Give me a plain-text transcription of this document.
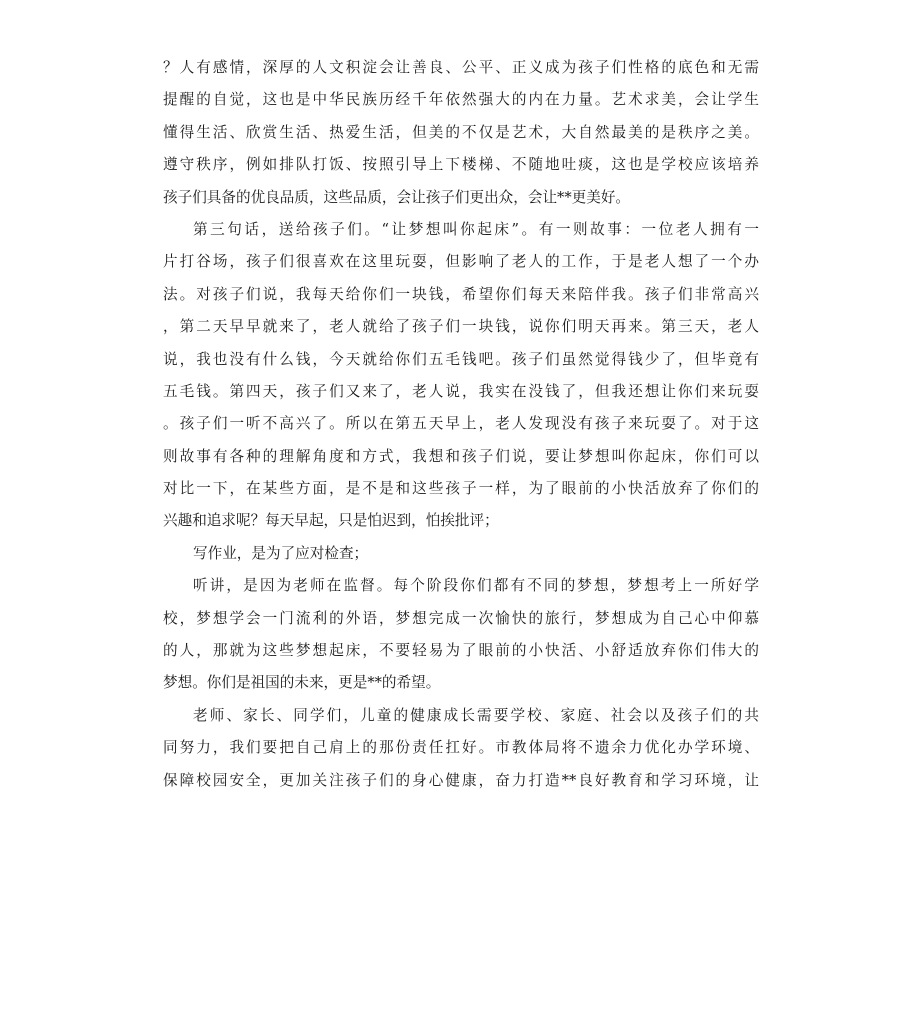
？人有感情，深厚的人文积淀会让善良、公平、正义成为孩子们性格的底色和无需
提醒的自觉，这也是中华民族历经千年依然强大的内在力量。艺术求美，会让学生
懂得生活、欣赏生活、热爱生活，但美的不仅是艺术，大自然最美的是秩序之美。
遵守秩序，例如排队打饭、按照引导上下楼梯、不随地吐痰，这也是学校应该培养
孩子们具备的优良品质，这些品质，会让孩子们更出众，会让**更美好。
第三句话，送给孩子们。“让梦想叫你起床”。有一则故事：一位老人拥有一
片打谷场，孩子们很喜欢在这里玩耍，但影响了老人的工作，于是老人想了一个办
法。对孩子们说，我每天给你们一块钱，希望你们每天来陪伴我。孩子们非常高兴
，第二天早早就来了，老人就给了孩子们一块钱，说你们明天再来。第三天，老人
说，我也没有什么钱，今天就给你们五毛钱吧。孩子们虽然觉得钱少了，但毕竟有
五毛钱。第四天，孩子们又来了，老人说，我实在没钱了，但我还想让你们来玩耍
。孩子们一听不高兴了。所以在第五天早上，老人发现没有孩子来玩耍了。对于这
则故事有各种的理解角度和方式，我想和孩子们说，要让梦想叫你起床，你们可以
对比一下，在某些方面，是不是和这些孩子一样，为了眼前的小快活放弃了你们的
兴趣和追求呢？每天早起，只是怕迟到，怕挨批评；
写作业，是为了应对检查；
听讲，是因为老师在监督。每个阶段你们都有不同的梦想，梦想考上一所好学
校，梦想学会一门流利的外语，梦想完成一次愉快的旅行，梦想成为自己心中仰慕
的人，那就为这些梦想起床，不要轻易为了眼前的小快活、小舒适放弃你们伟大的
梦想。你们是祖国的未来，更是**的希望。
老师、家长、同学们，儿童的健康成长需要学校、家庭、社会以及孩子们的共
同努力，我们要把自己肩上的那份责任扛好。市教体局将不遗余力优化办学环境、
保障校园安全，更加关注孩子们的身心健康，奋力打造**良好教育和学习环境，让
